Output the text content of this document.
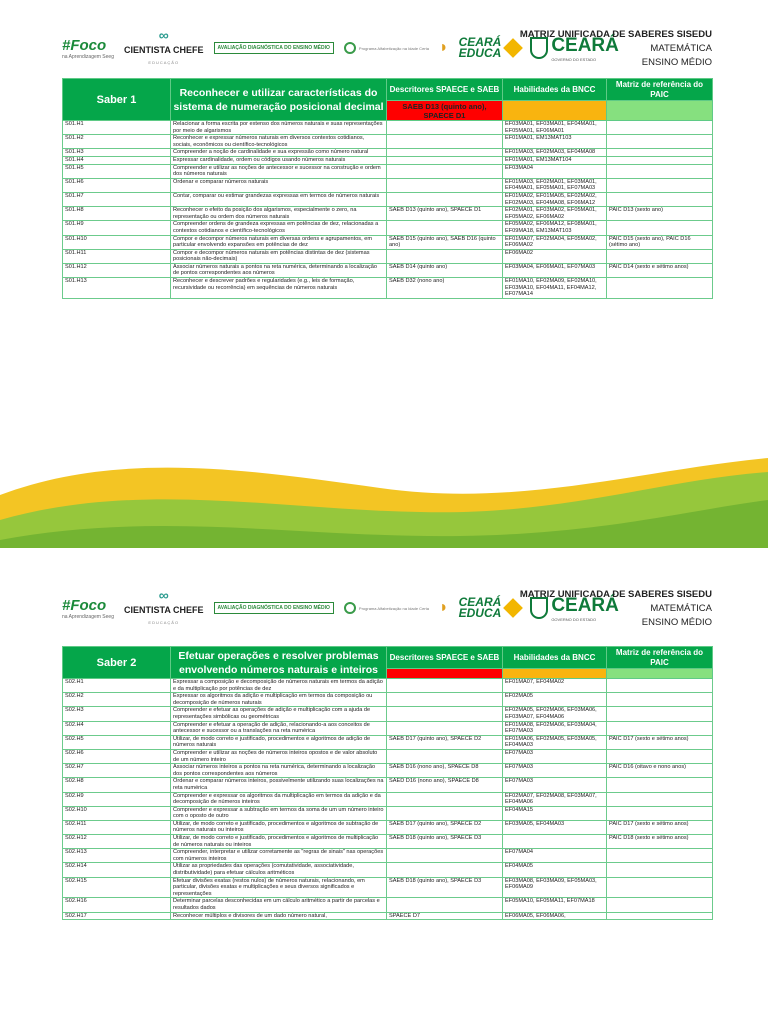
#Foco
na Aprendizagem Seeg
∞
CIENTISTA CHEFE
EDUCAÇÃO
AVALIAÇÃO DIAGNÓSTICA DO ENSINO MÉDIO	Programa Alfabetização na Idade Certa ◗ CEARÁ
EDUCA	CEARÁ
GOVERNO DO ESTADO
MATRIZ UNIFICADA DE SABERES SISEDU
MATEMÁTICA
ENSINO MÉDIO
Saber 1	Reconhecer e utilizar características do sistema de numeração posicional decimal	Descritores SPAECE e SAEB	Habilidades da BNCC	Matriz de referência do PAIC
		SAEB D13 (quinto ano), SPAECE D1		
S01.H1	Relacionar a forma escrita por extenso dos números naturais e suas representações por meio de algarismos		EF03MA01, EF03MA01, EF04MA01, EF05MA01, EF06MA01	
S01.H2	Reconhecer e expressar números naturais em diversos contextos cotidianos, sociais, econômicos ou científico-tecnológicos		EF01MA01, EM13MAT103	
S01.H3	Compreender a noção de cardinalidade e sua expressão como número natural		EF01MA03, EF02MA03, EF04MA08	
S01.H4	Expressar cardinalidade, ordem ou códigos usando números naturais		EF01MA01, EM13MAT104	
S01.H5	Compreender e utilizar as noções de antecessor e sucessor na construção e ordem dos números naturais		EF03MA04	
S01.H6	Ordenar e comparar números naturais		EF01MA03, EF02MA01, EF03MA01, EF04MA01, EF05MA01, EF07MA03	
S01.H7	Contar, comparar ou estimar grandezas expressas em termos de números naturais		EF01MA02, EF01MA05, EF02MA02, EF02MA03, EF04MA08, EF06MA12	
S01.H8	Reconhecer o efeito da posição dos algarismos, especialmente o zero, na representação ou ordem dos números naturais	SAEB D13 (quinto ano), SPAECE D1	EF02MA01, EF03MA02, EF05MA01, EF05MA02, EF06MA02	PAIC D13 (sexto ano)
S01.H9	Compreender ordens de grandeza expressas em potências de dez, relacionadas a contextos cotidianos e científico-tecnológicos		EF05MA02, EF06MA12, EF08MA01, EF09MA18, EM13MAT103	
S01.H10	Compor e decompor números naturais em diversas ordens e agrupamentos, em particular envolvendo expansões em potências de dez	SAEB D15 (quinto ano), SAEB D16 (quinto ano)	EF01MA07, EF02MA04, EF05MA02, EF06MA02	PAIC D15 (sexto ano), PAIC D16 (sétimo ano)
S01.H11	Compor e decompor números naturais em potências distintas de dez (sistemas posicionais não-decimais)		EF06MA02	
S01.H12	Associar números naturais a pontos na reta numérica, determinando a localização de pontos correspondentes aos números	SAEB D14 (quinto ano)	EF03MA04, EF06MA01, EF07MA03	PAIC D14 (sexto e sétimo anos)
S01.H13	Reconhecer e descrever padrões e regularidades (e.g., leis de formação, recursividade ou recorrência) em sequências de números naturais	SAEB D32 (nono ano)	EF01MA10, EF02MA09, EF02MA10, EF03MA10, EF04MA11, EF04MA12, EF07MA14	
#Foco
na Aprendizagem Seeg
∞
CIENTISTA CHEFE
EDUCAÇÃO
AVALIAÇÃO DIAGNÓSTICA DO ENSINO MÉDIO	Programa Alfabetização na Idade Certa ◗ CEARÁ
EDUCA	CEARÁ
GOVERNO DO ESTADO
MATRIZ UNIFICADA DE SABERES SISEDU
MATEMÁTICA
ENSINO MÉDIO
Saber 2	Efetuar operações e resolver problemas envolvendo números naturais e inteiros	Descritores SPAECE e SAEB	Habilidades da BNCC	Matriz de referência do PAIC

S02.H1	Expressar a composição e decomposição de números naturais em termos da adição e da multiplicação por potências de dez		EF01MA07, EF04MA02	
S02.H2	Expressar os algoritmos da adição e multiplicação em termos da composição ou decomposição de números naturais		EF02MA05	
S02.H3	Compreender e efetuar as operações de adição e multiplicação com a ajuda de representações simbólicas ou geométricas		EF02MA05, EF02MA06, EF03MA06, EF03MA07, EF04MA06	
S02.H4	Compreender e efetuar a operação de adição, relacionando-a aos conceitos de antecessor e sucessor ou a translações na reta numérica		EF01MA08, EF02MA06, EF03MA04, EF07MA03	
S02.H5	Utilizar, de modo correto e justificado, procedimentos e algoritmos de adição de números naturais	SAEB D17 (quinto ano), SPAECE D2	EF01MA06, EF02MA05, EF03MA05, EF04MA03	PAIC D17 (sexto e sétimo anos)
S02.H6	Compreender e utilizar as noções de números inteiros opostos e de valor absoluto de um número inteiro		EF07MA03	
S02.H7	Associar números inteiros a pontos na reta numérica, determinando a localização dos pontos correspondentes aos números	SAEB D16 (nono ano), SPAECE D8	EF07MA03	PAIC D16 (oitavo e nono anos)
S02.H8	Ordenar e comparar números inteiros, possivelmente utilizando suas localizações na reta numérica	SAED D16 (nono ano), SPAECE D8	EF07MA03	
S02.H9	Compreender e expressar os algoritmos da multiplicação em termos da adição e da decomposição de números inteiros		EF02MA07, EF02MA08, EF03MA07, EF04MA06	
S02.H10	Compreender e expressar a subtração em termos da soma de um um número inteiro com o oposto de outro		EF04MA15	
S02.H11	Utilizar, de modo correto e justificado, procedimentos e algoritmos de subtração de números naturais ou inteiros	SAEB D17 (quinto ano), SPAECE D2	EF03MA05, EF04MA03	PAIC D17 (sexto e sétimo anos)
S02.H12	Utilizar, de modo correto e justificado, procedimentos e algoritmos de multiplicação de números naturais ou inteiros	SAEB D18 (quinto ano), SPAECE D3		PAIC D18 (sexto e sétimo anos)
S02.H13	Compreender, interpretar e utilizar corretamente as "regras de sinais" nas operações com números inteiros		EF07MA04	
S02.H14	Utilizar as propriedades das operações (comutatividade, associatividade, distributividade) para efetuar cálculos aritméticos		EF04MA05	
S02.H15	Efetuar divisões exatas (restos nulos) de números naturais, relacionando, em particular, divisões exatas e multiplicações e seus diversos significados e representações	SAEB D18 (quinto ano), SPAECE D3	EF03MA08, EF03MA09, EF05MA03, EF06MA09	
S02.H16	Determinar parcelas desconhecidas em um cálculo aritmético a partir de parcelas e resultados dados		EF05MA10, EF05MA11, EF07MA18	
S02.H17	Reconhecer múltiplos e divisores de um dado número natural,	SPAECE D7	EF06MA05, EF06MA06,	
